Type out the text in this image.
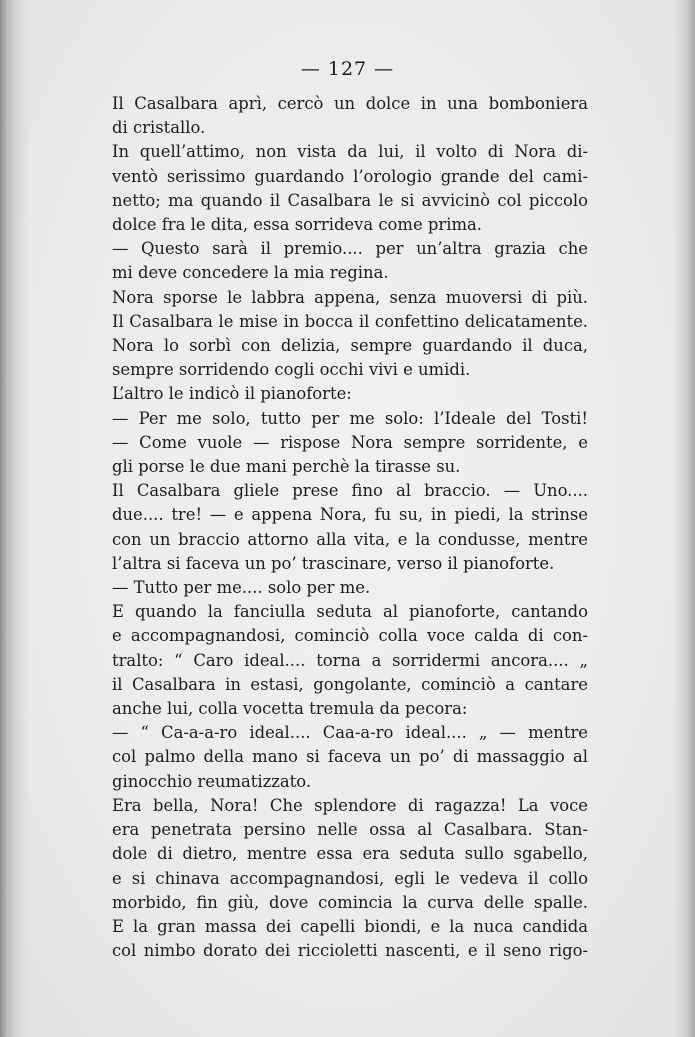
— 127 —
Il Casalbara aprì, cercò un dolce in una bomboniera
di cristallo.
In quell’attimo, non vista da lui, il volto di Nora di-
ventò serissimo guardando l’orologio grande del cami-
netto; ma quando il Casalbara le si avvicinò col piccolo
dolce fra le dita, essa sorrideva come prima.
— Questo sarà il premio.... per un’altra grazia che
mi deve concedere la mia regina.
Nora sporse le labbra appena, senza muoversi di più.
Il Casalbara le mise in bocca il confettino delicatamente.
Nora lo sorbì con delizia, sempre guardando il duca,
sempre sorridendo cogli occhi vivi e umidi.
L’altro le indicò il pianoforte:
— Per me solo, tutto per me solo: l’Ideale del Tosti!
— Come vuole — rispose Nora sempre sorridente, e
gli porse le due mani perchè la tirasse su.
Il Casalbara gliele prese fino al braccio. — Uno....
due.... tre! — e appena Nora, fu su, in piedi, la strinse
con un braccio attorno alla vita, e la condusse, mentre
l’altra si faceva un po’ trascinare, verso il pianoforte.
— Tutto per me.... solo per me.
E quando la fanciulla seduta al pianoforte, cantando
e accompagnandosi, cominciò colla voce calda di con-
tralto: “ Caro ideal.... torna a sorridermi ancora.... „
il Casalbara in estasi, gongolante, cominciò a cantare
anche lui, colla vocetta tremula da pecora:
— “ Ca-a-a-ro ideal.... Caa-a-ro ideal.... „ — mentre
col palmo della mano si faceva un po’ di massaggio al
ginocchio reumatizzato.
Era bella, Nora! Che splendore di ragazza! La voce
era penetrata persino nelle ossa al Casalbara. Stan-
dole di dietro, mentre essa era seduta sullo sgabello,
e si chinava accompagnandosi, egli le vedeva il collo
morbido, fin giù, dove comincia la curva delle spalle.
E la gran massa dei capelli biondi, e la nuca candida
col nimbo dorato dei riccioletti nascenti, e il seno rigo-
